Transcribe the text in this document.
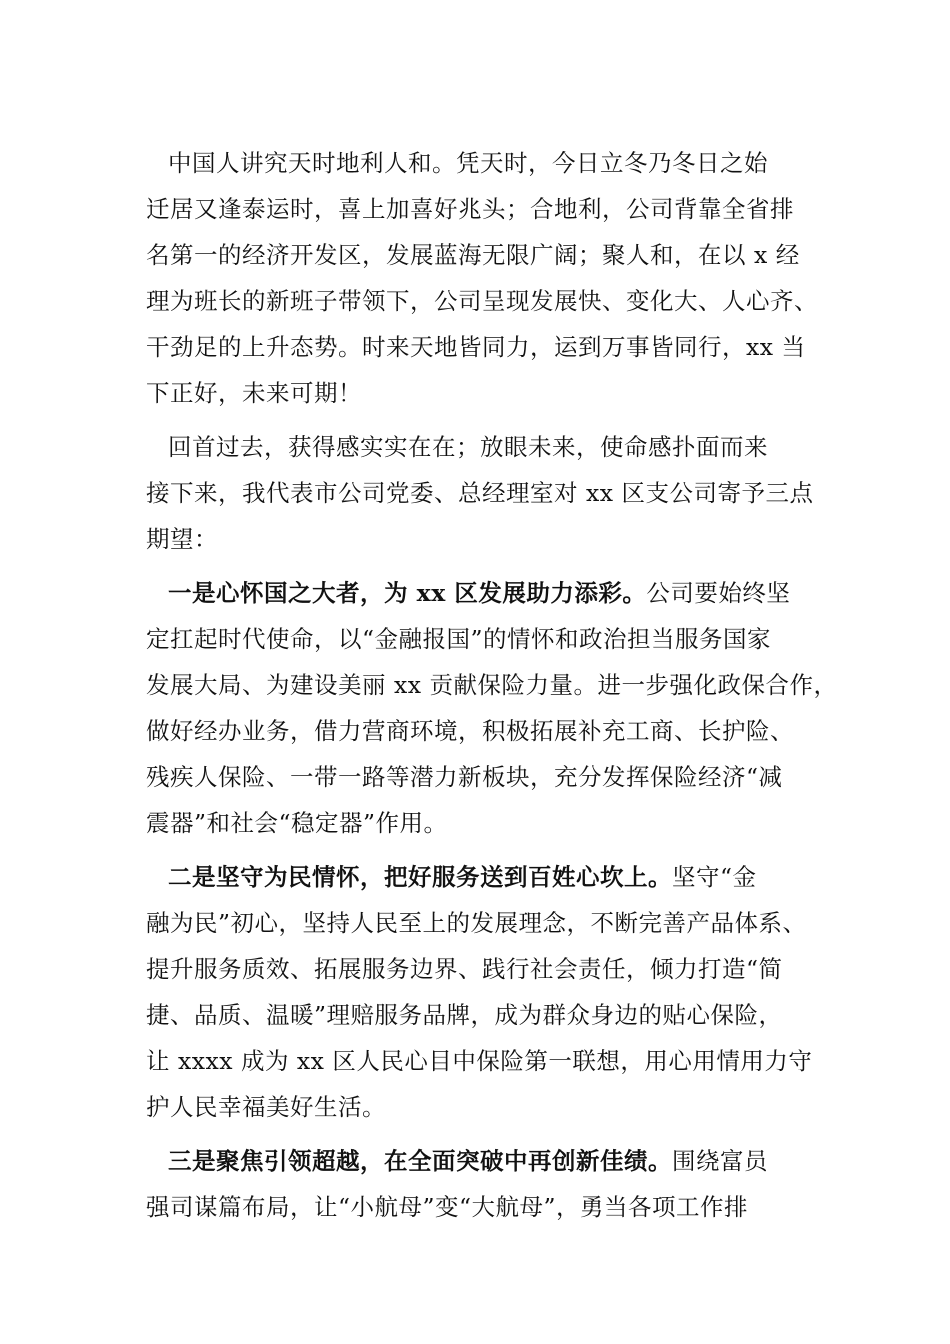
中国人讲究天时地利人和。凭天时，今日立冬乃冬日之始
迁居又逢泰运时，喜上加喜好兆头；合地利，公司背靠全省排
名第一的经济开发区，发展蓝海无限广阔；聚人和，在以 x 经
理为班长的新班子带领下，公司呈现发展快、变化大、人心齐、
干劲足的上升态势。时来天地皆同力，运到万事皆同行，xx 当
下正好，未来可期！
回首过去，获得感实实在在；放眼未来，使命感扑面而来
接下来，我代表市公司党委、总经理室对 xx 区支公司寄予三点
期望：
一是心怀国之大者，为 xx 区发展助力添彩。公司要始终坚
定扛起时代使命，以“金融报国”的情怀和政治担当服务国家
发展大局、为建设美丽 xx 贡献保险力量。进一步强化政保合作，
做好经办业务，借力营商环境，积极拓展补充工商、长护险、
残疾人保险、一带一路等潜力新板块，充分发挥保险经济“减
震器”和社会“稳定器”作用。
二是坚守为民情怀，把好服务送到百姓心坎上。坚守“金
融为民”初心，坚持人民至上的发展理念，不断完善产品体系、
提升服务质效、拓展服务边界、践行社会责任，倾力打造“简
捷、品质、温暖”理赔服务品牌，成为群众身边的贴心保险，
让 xxxx 成为 xx 区人民心目中保险第一联想，用心用情用力守
护人民幸福美好生活。
三是聚焦引领超越，在全面突破中再创新佳绩。围绕富员
强司谋篇布局，让“小航母”变“大航母”，勇当各项工作排
